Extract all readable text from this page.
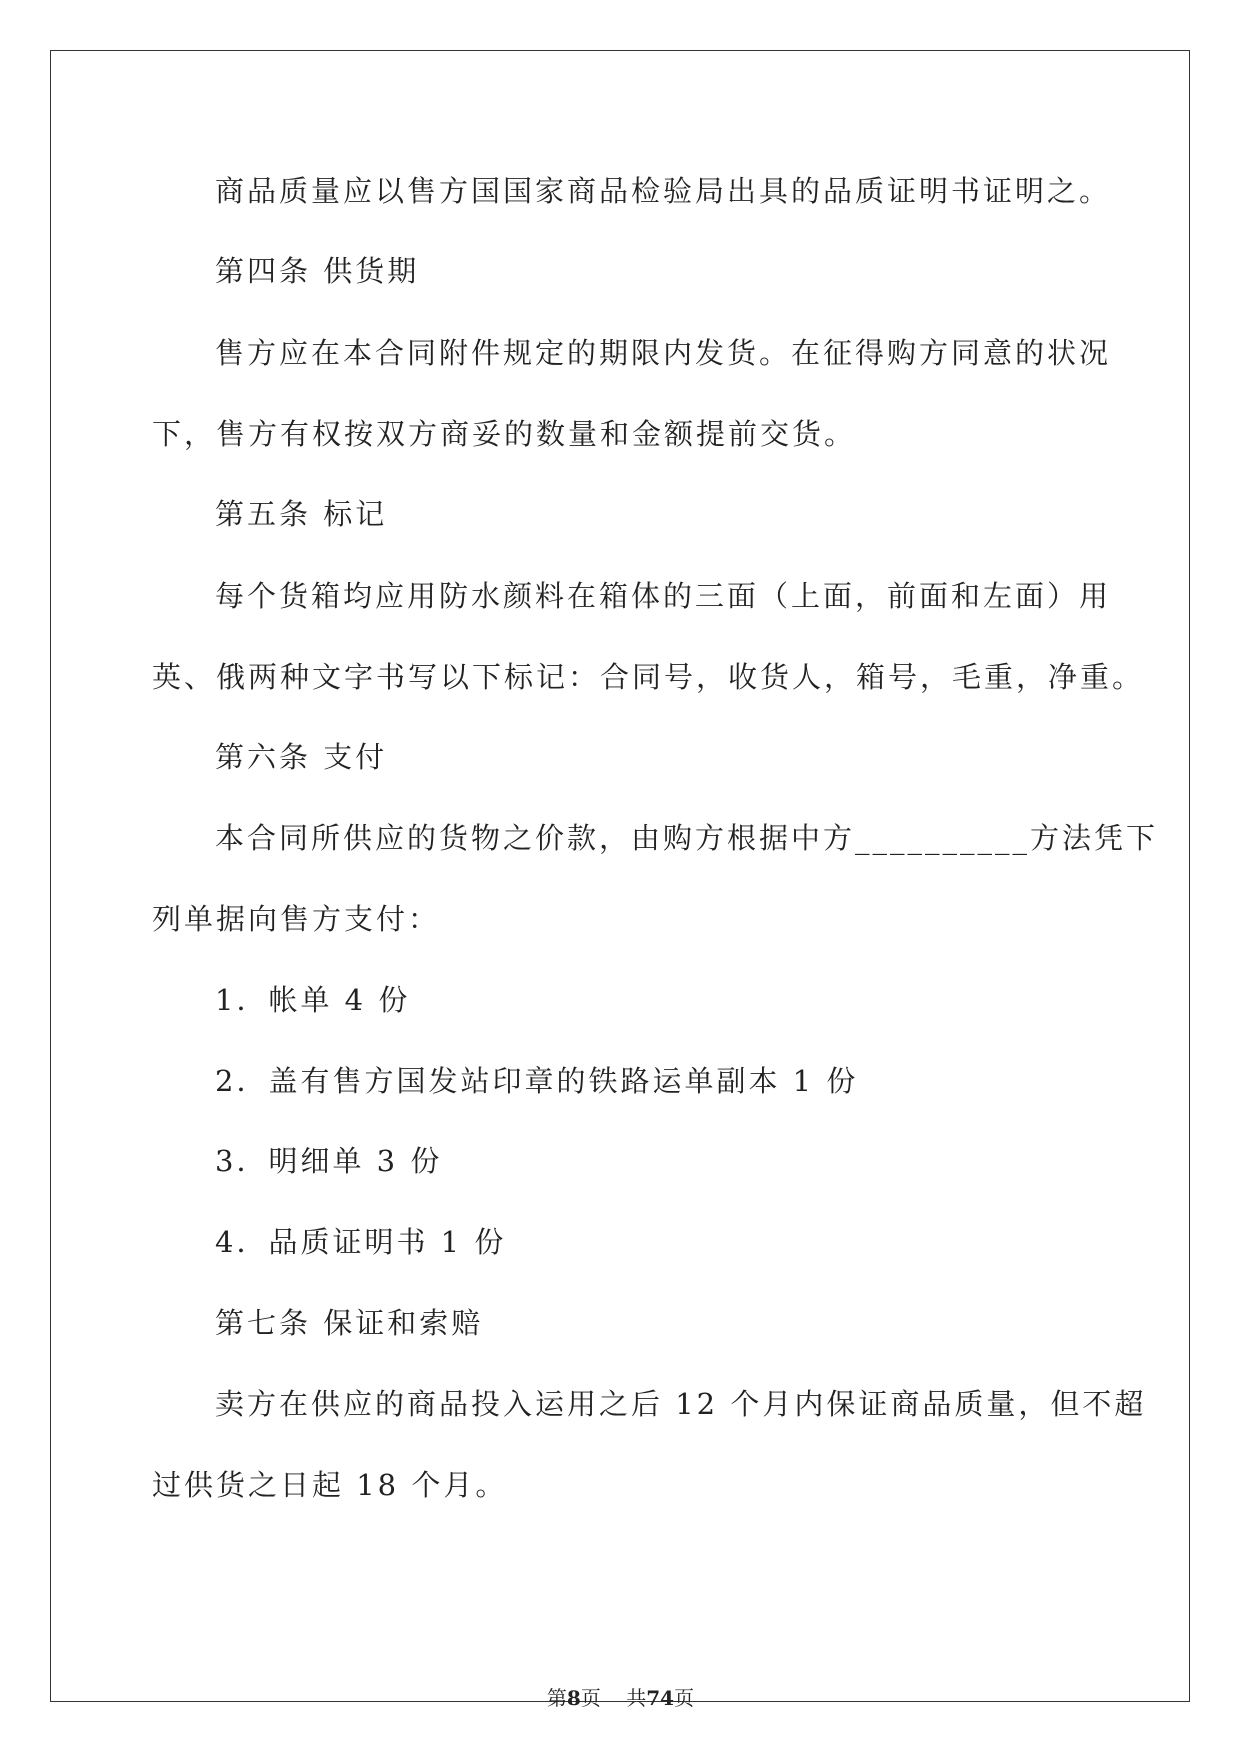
商品质量应以售方国国家商品检验局出具的品质证明书证明之。
第四条 供货期
售方应在本合同附件规定的期限内发货。在征得购方同意的状况
下，售方有权按双方商妥的数量和金额提前交货。
第五条 标记
每个货箱均应用防水颜料在箱体的三面（上面，前面和左面）用
英、俄两种文字书写以下标记：合同号，收货人，箱号，毛重，净重。
第六条 支付
本合同所供应的货物之价款，由购方根据中方__________方法凭下
列单据向售方支付：
1．帐单 4 份
2．盖有售方国发站印章的铁路运单副本 1 份
3．明细单 3 份
4．品质证明书 1 份
第七条 保证和索赔
卖方在供应的商品投入运用之后 12 个月内保证商品质量，但不超
过供货之日起 18 个月。
第8页 共74页
